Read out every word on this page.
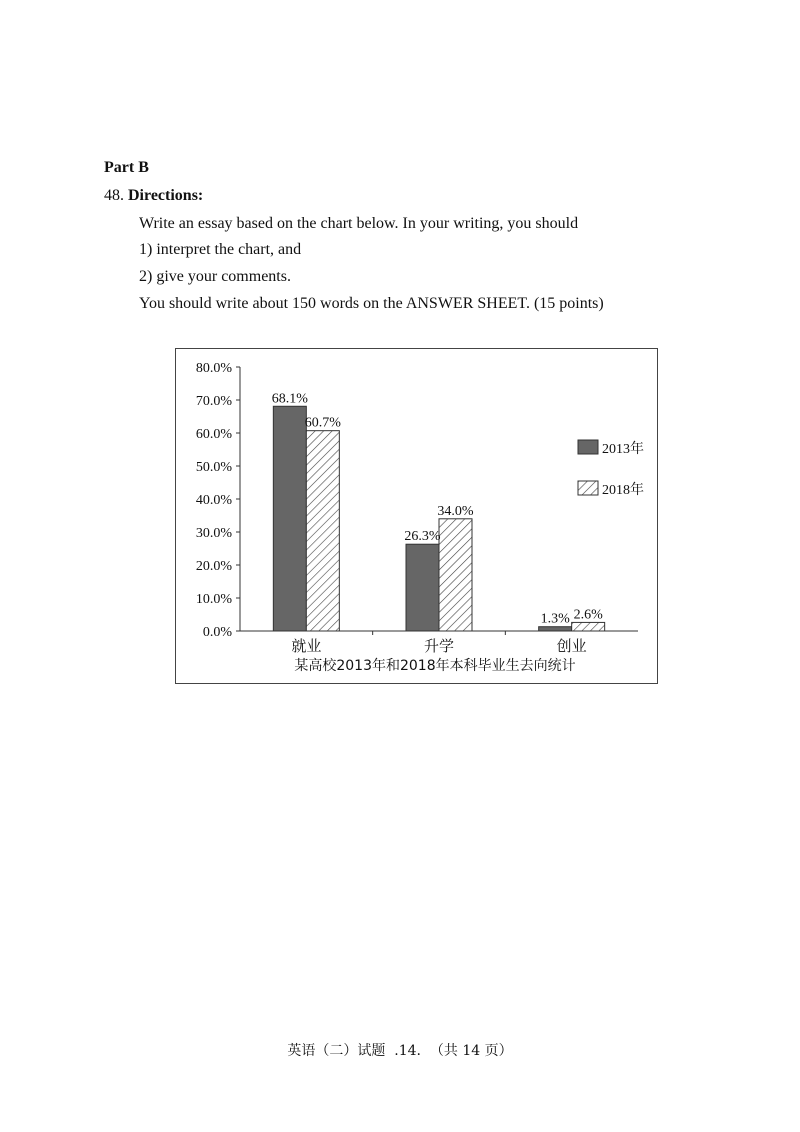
Part B
48. Directions:
Write an essay based on the chart below. In your writing, you should
1) interpret the chart, and
2) give your comments.
You should write about 150 words on the ANSWER SHEET. (15 points)
0.0%
10.0%
20.0%
30.0%
40.0%
50.0%
60.0%
70.0%
80.0%
就业	升学	创业
68.1%
60.7%
26.3%
34.0%
1.3% 2.6%
2013年
2018年
某高校2013年和2018年本科毕业生去向统计
英语（二）试题  .14.  （共 14 页）
